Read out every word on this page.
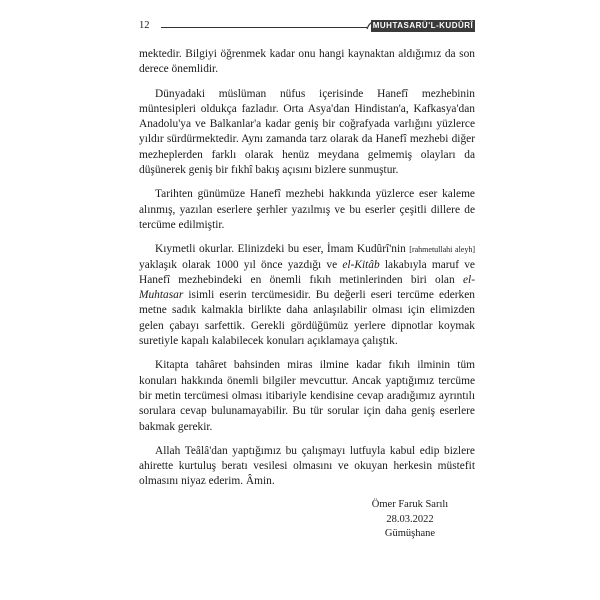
12	MUHTASARÜ'L-KUDÛRÎ

mektedir. Bilgiyi öğrenmek kadar onu hangi kaynaktan aldığımız da son derece önemlidir.

Dünyadaki müslüman nüfus içerisinde Hanefî mezhebinin müntesipleri oldukça fazladır. Orta Asya'dan Hindistan'a, Kafkasya'dan Anadolu'ya ve Balkanlar'a kadar geniş bir coğrafyada varlığını yüzlerce yıldır sürdürmektedir. Aynı zamanda tarz olarak da Hanefî mezhebi diğer mezheplerden farklı olarak henüz meydana gelmemiş olayları da düşünerek geniş bir fıkhî bakış açısını bizlere sunmuştur.

Tarihten günümüze Hanefî mezhebi hakkında yüzlerce eser kaleme alınmış, yazılan eserlere şerhler yazılmış ve bu eserler çeşitli dillere de tercüme edilmiştir.

Kıymetli okurlar. Elinizdeki bu eser, İmam Kudûrî'nin [rahmetullahi aleyh] yaklaşık olarak 1000 yıl önce yazdığı ve el-Kitâb lakabıyla maruf ve Hanefî mezhebindeki en önemli fıkıh metinlerinden biri olan el-Muhtasar isimli eserin tercümesidir. Bu değerli eseri tercüme ederken metne sadık kalmakla birlikte daha anlaşılabilir olması için elimizden gelen çabayı sarfettik. Gerekli gördüğümüz yerlere dipnotlar koymak suretiyle kapalı kalabilecek konuları açıklamaya çalıştık.

Kitapta tahâret bahsinden miras ilmine kadar fıkıh ilminin tüm konuları hakkında önemli bilgiler mevcuttur. Ancak yaptığımız tercüme bir metin tercümesi olması itibariyle kendisine cevap aradığımız ayrıntılı sorulara cevap bulunamayabilir. Bu tür sorular için daha geniş eserlere bakmak gerekir.

Allah Teâlâ'dan yaptığımız bu çalışmayı lutfuyla kabul edip bizlere ahirette kurtuluş beratı vesilesi olmasını ve okuyan herkesin müstefit olmasını niyaz ederim. Âmin.

Ömer Faruk Sarılı
28.03.2022
Gümüşhane
